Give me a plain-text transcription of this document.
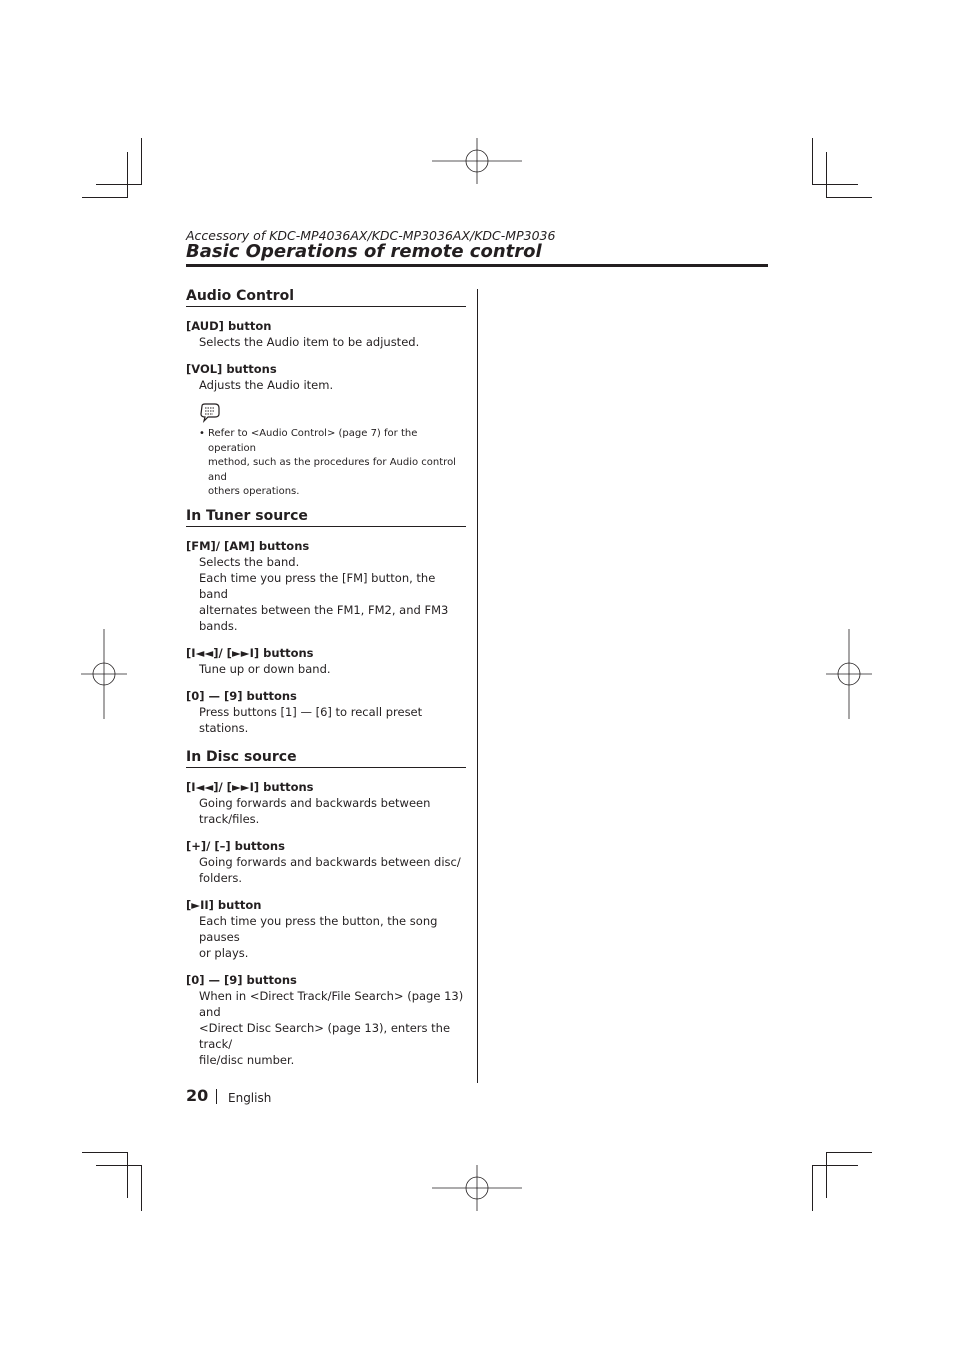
Accessory of KDC-MP4036AX/KDC-MP3036AX/KDC-MP3036
Basic Operations of remote control
Audio Control
[AUD] button
Selects the Audio item to be adjusted.
[VOL] buttons
Adjusts the Audio item.
• Refer to <Audio Control> (page 7) for the operation
method, such as the procedures for Audio control and
others operations.
In Tuner source
[FM]/ [AM] buttons

Selects the band.

Each time you press the [FM] button, the band

alternates between the FM1, FM2, and FM3 bands.

[I◄◄]/ [►►I] buttons
Tune up or down band.
[0] — [9] buttons
Press buttons [1] — [6] to recall preset stations.
In Disc source
[I◄◄]/ [►►I] buttons
Going forwards and backwards between track/files.
[+]/ [–] buttons

Going forwards and backwards between disc/

folders.

[►II] button

Each time you press the button, the song pauses

or plays.

[0] — [9] buttons

When in <Direct Track/File Search> (page 13) and

<Direct Disc Search> (page 13), enters the track/

file/disc number.

20 English
